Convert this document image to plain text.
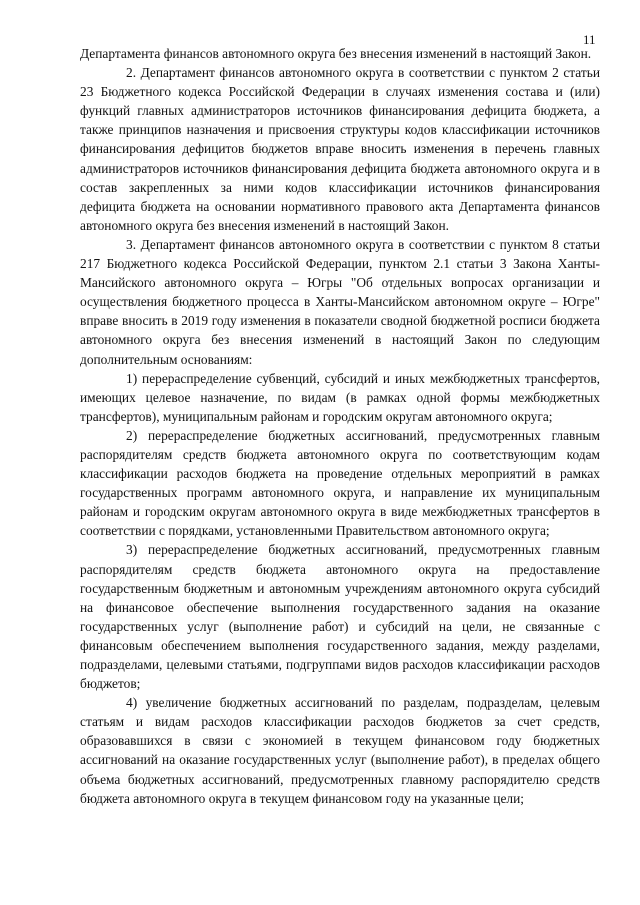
11

Департамента финансов автономного округа без внесения изменений в настоящий Закон.

2. Департамент финансов автономного округа в соответствии с пунктом 2 статьи 23 Бюджетного кодекса Российской Федерации в случаях изменения состава и (или) функций главных администраторов источников финансирования дефицита бюджета, а также принципов назначения и присвоения структуры кодов классификации источников финансирования дефицитов бюджетов вправе вносить изменения в перечень главных администраторов источников финансирования дефицита бюджета автономного округа и в состав закрепленных за ними кодов классификации источников финансирования дефицита бюджета на основании нормативного правового акта Департамента финансов автономного округа без внесения изменений в настоящий Закон.

3. Департамент финансов автономного округа в соответствии с пунктом 8 статьи 217 Бюджетного кодекса Российской Федерации, пунктом 2.1 статьи 3 Закона Ханты-Мансийского автономного округа – Югры "Об отдельных вопросах организации и осуществления бюджетного процесса в Ханты-Мансийском автономном округе – Югре" вправе вносить в 2019 году изменения в показатели сводной бюджетной росписи бюджета автономного округа без внесения изменений в настоящий Закон по следующим дополнительным основаниям:

1) перераспределение субвенций, субсидий и иных межбюджетных трансфертов, имеющих целевое назначение, по видам (в рамках одной формы межбюджетных трансфертов), муниципальным районам и городским округам автономного округа;

2) перераспределение бюджетных ассигнований, предусмотренных главным распорядителям средств бюджета автономного округа по соответствующим кодам классификации расходов бюджета на проведение отдельных мероприятий в рамках государственных программ автономного округа, и направление их муниципальным районам и городским округам автономного округа в виде межбюджетных трансфертов в соответствии с порядками, установленными Правительством автономного округа;

3) перераспределение бюджетных ассигнований, предусмотренных главным распорядителям средств бюджета автономного округа на предоставление государственным бюджетным и автономным учреждениям автономного округа субсидий на финансовое обеспечение выполнения государственного задания на оказание государственных услуг (выполнение работ) и субсидий на цели, не связанные с финансовым обеспечением выполнения государственного задания, между разделами, подразделами, целевыми статьями, подгруппами видов расходов классификации расходов бюджетов;

4) увеличение бюджетных ассигнований по разделам, подразделам, целевым статьям и видам расходов классификации расходов бюджетов за счет средств, образовавшихся в связи с экономией в текущем финансовом году бюджетных ассигнований на оказание государственных услуг (выполнение работ), в пределах общего объема бюджетных ассигнований, предусмотренных главному распорядителю средств бюджета автономного округа в текущем финансовом году на указанные цели;
